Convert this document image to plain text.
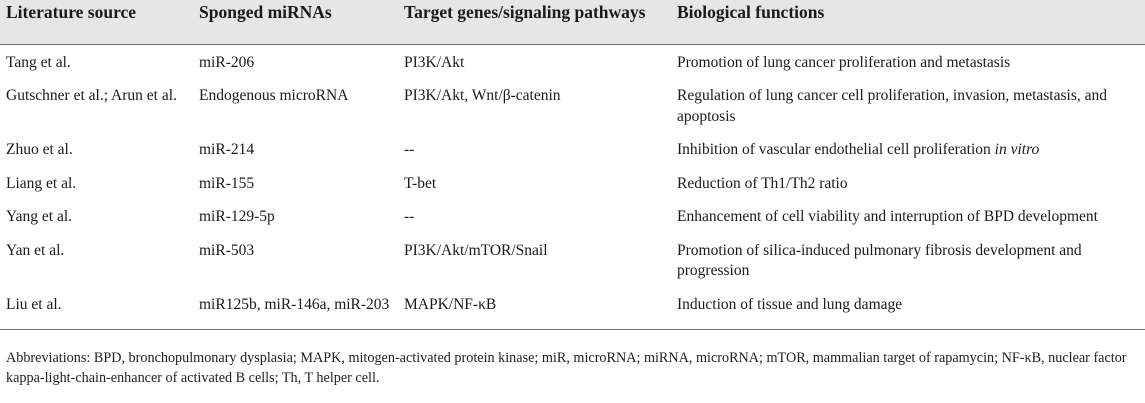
Literature source	Sponged miRNAs	Target genes/signaling pathways	Biological functions
Tang et al.	miR-206	PI3K/Akt	Promotion of lung cancer proliferation and metastasis
Gutschner et al.; Arun et al.	Endogenous microRNA	PI3K/Akt, Wnt/β-catenin	Regulation of lung cancer cell proliferation, invasion, metastasis, and apoptosis
Zhuo et al.	miR-214	--	Inhibition of vascular endothelial cell proliferation in vitro
Liang et al.	miR-155	T-bet	Reduction of Th1/Th2 ratio
Yang et al.	miR-129-5p	--	Enhancement of cell viability and interruption of BPD development
Yan et al.	miR-503	PI3K/Akt/mTOR/Snail	Promotion of silica-induced pulmonary fibrosis development and progression
Liu et al.	miR125b, miR-146a, miR-203	MAPK/NF-κB	Induction of tissue and lung damage
Abbreviations: BPD, bronchopulmonary dysplasia; MAPK, mitogen-activated protein kinase; miR, microRNA; miRNA, microRNA; mTOR, mammalian target of rapamycin; NF-κB, nuclear factor kappa-light-chain-enhancer of activated B cells; Th, T helper cell.
